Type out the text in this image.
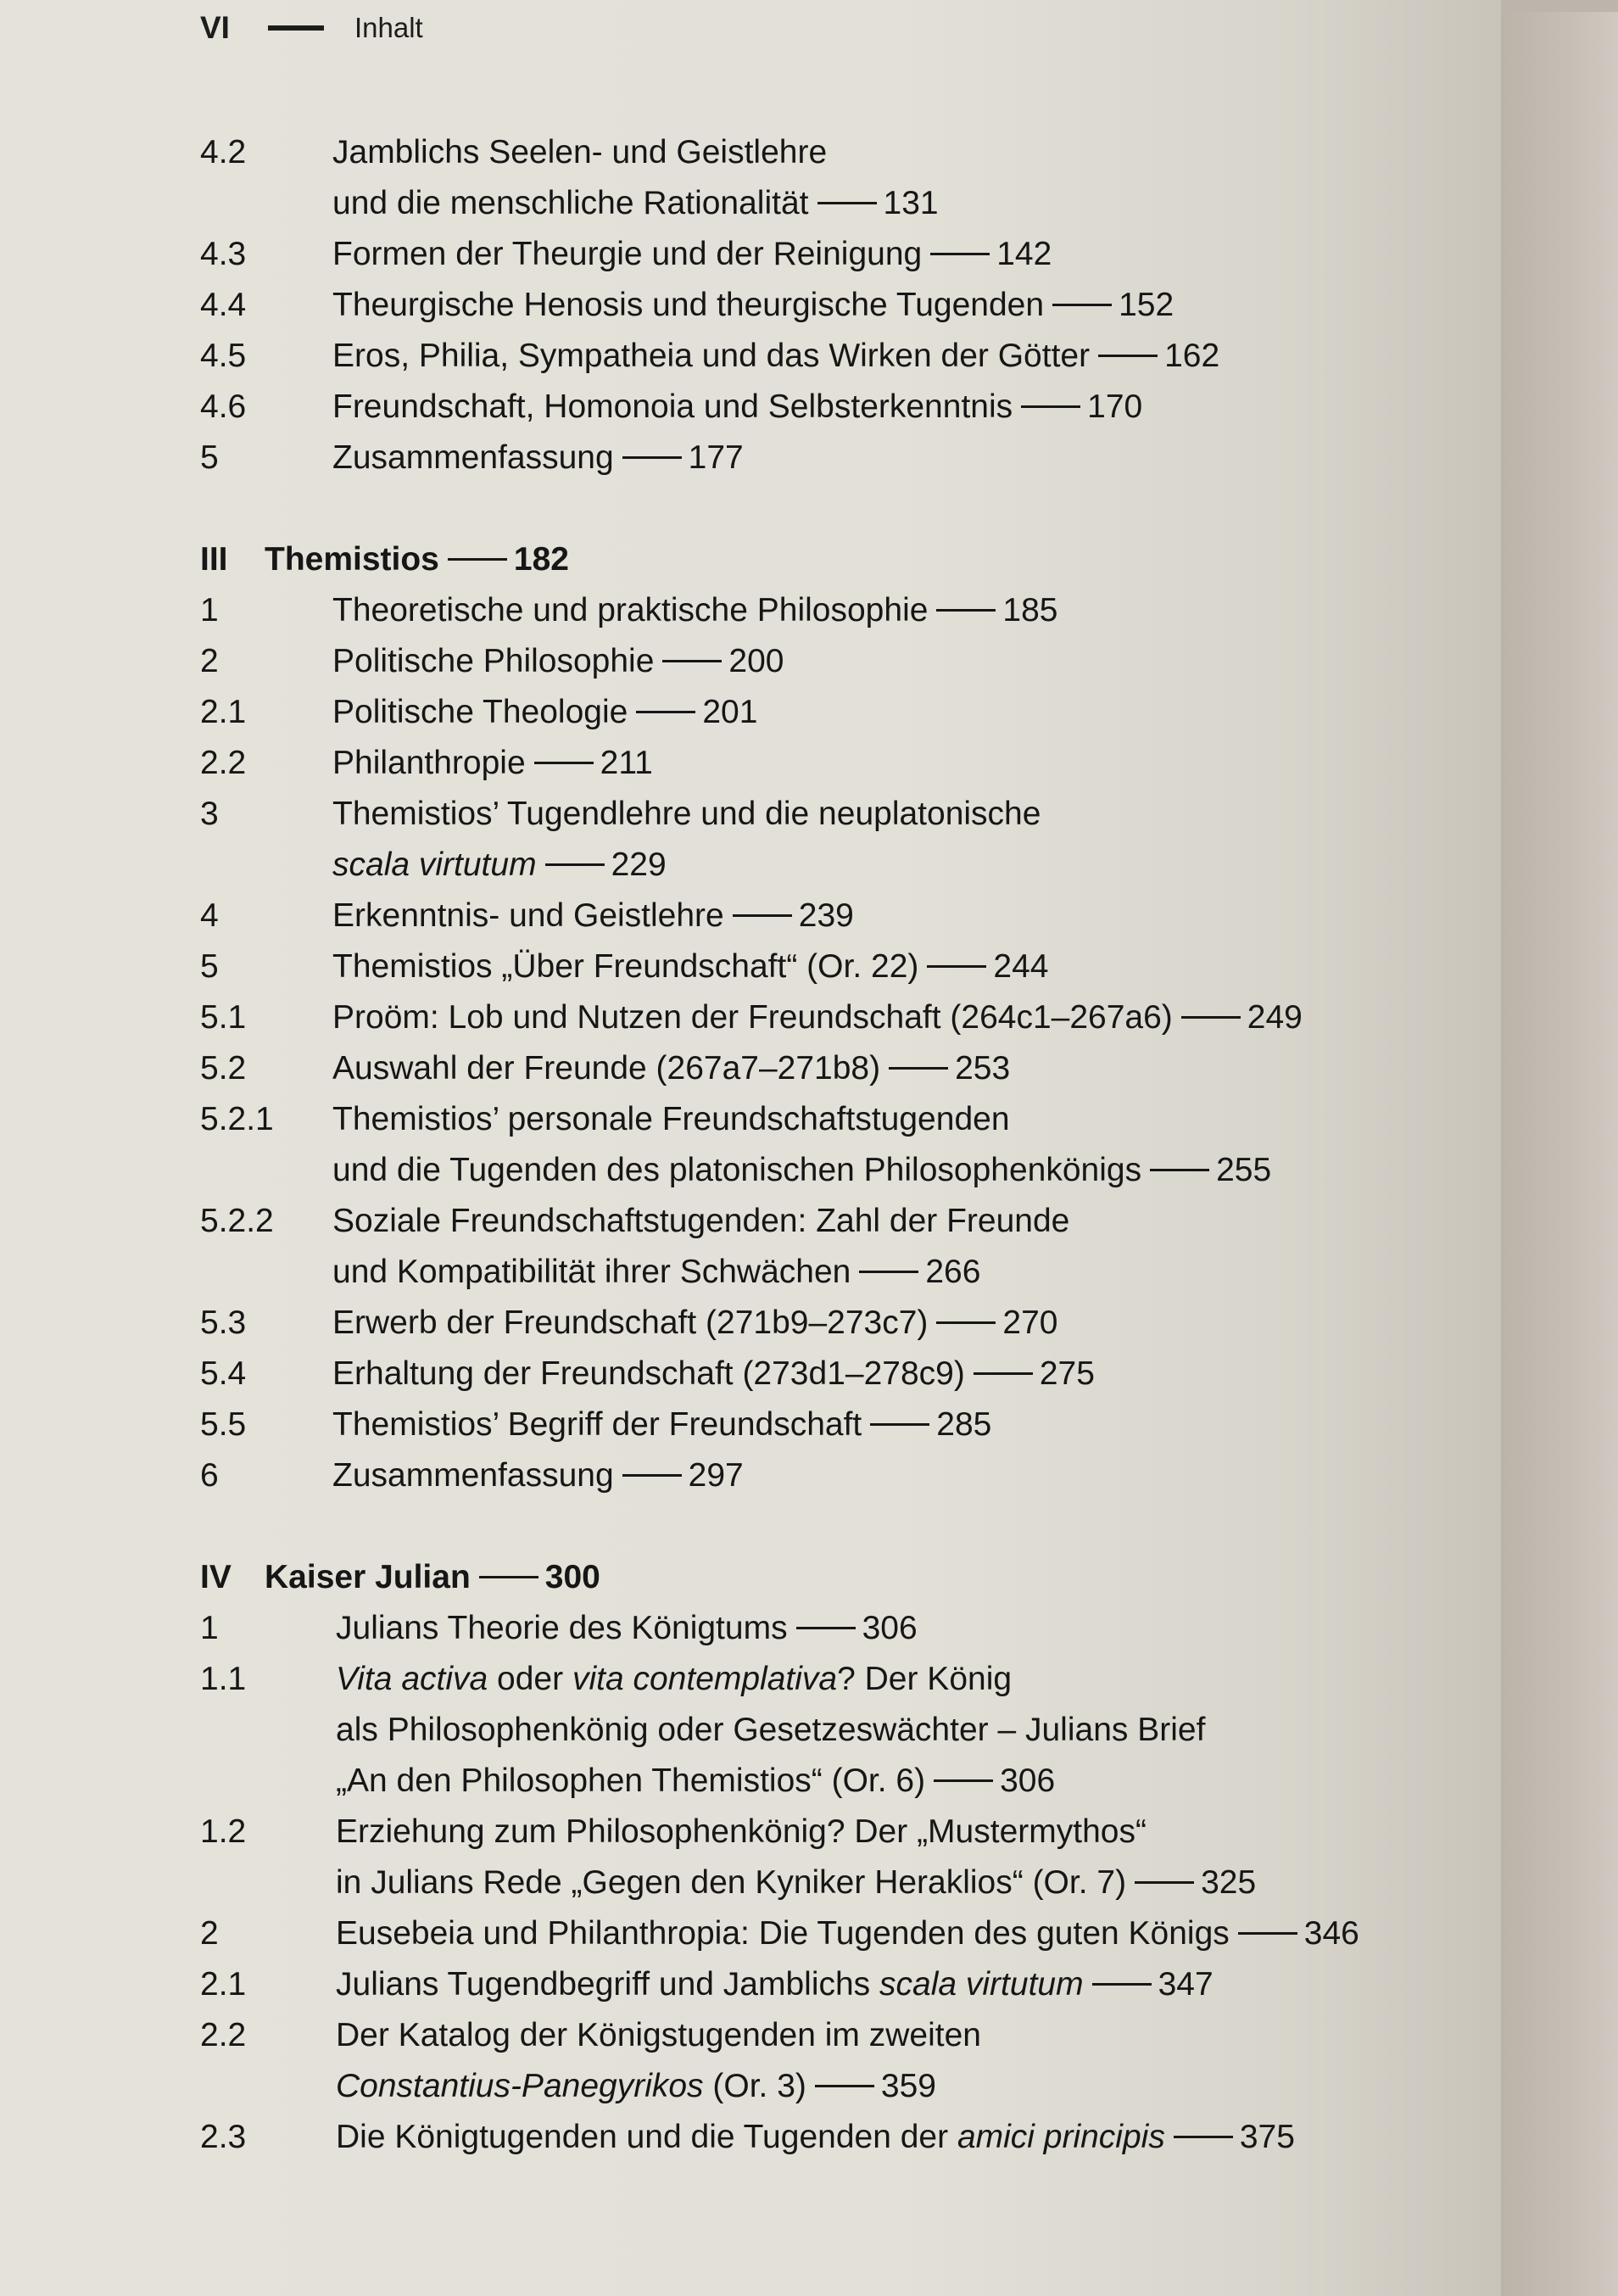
VI	Inhalt
4.2	Jamblichs Seelen- und Geistlehre
und die menschliche Rationalität 131
4.3	Formen der Theurgie und der Reinigung 142
4.4	Theurgische Henosis und theurgische Tugenden 152
4.5	Eros, Philia, Sympatheia und das Wirken der Götter 162
4.6	Freundschaft, Homonoia und Selbsterkenntnis 170
5	Zusammenfassung 177
III	Themistios 182
1	Theoretische und praktische Philosophie 185
2	Politische Philosophie 200
2.1	Politische Theologie 201
2.2	Philanthropie 211
3	Themistios’ Tugendlehre und die neuplatonische
scala virtutum 229
4	Erkenntnis- und Geistlehre 239
5	Themistios „Über Freundschaft“ (Or. 22) 244
5.1	Proöm: Lob und Nutzen der Freundschaft (264c1–267a6) 249
5.2	Auswahl der Freunde (267a7–271b8) 253
5.2.1	Themistios’ personale Freundschaftstugenden
und die Tugenden des platonischen Philosophenkönigs 255
5.2.2	Soziale Freundschaftstugenden: Zahl der Freunde
und Kompatibilität ihrer Schwächen 266
5.3	Erwerb der Freundschaft (271b9–273c7) 270
5.4	Erhaltung der Freundschaft (273d1–278c9) 275
5.5	Themistios’ Begriff der Freundschaft 285
6	Zusammenfassung 297
IV	Kaiser Julian 300
1	Julians Theorie des Königtums 306
1.1	Vita activa oder vita contemplativa? Der König
als Philosophenkönig oder Gesetzeswächter – Julians Brief
„An den Philosophen Themistios“ (Or. 6) 306
1.2	Erziehung zum Philosophenkönig? Der „Mustermythos“
in Julians Rede „Gegen den Kyniker Heraklios“ (Or. 7) 325
2	Eusebeia und Philanthropia: Die Tugenden des guten Königs 346
2.1	Julians Tugendbegriff und Jamblichs scala virtutum 347
2.2	Der Katalog der Königstugenden im zweiten
Constantius-Panegyrikos (Or. 3) 359
2.3	Die Königtugenden und die Tugenden der amici principis 375
